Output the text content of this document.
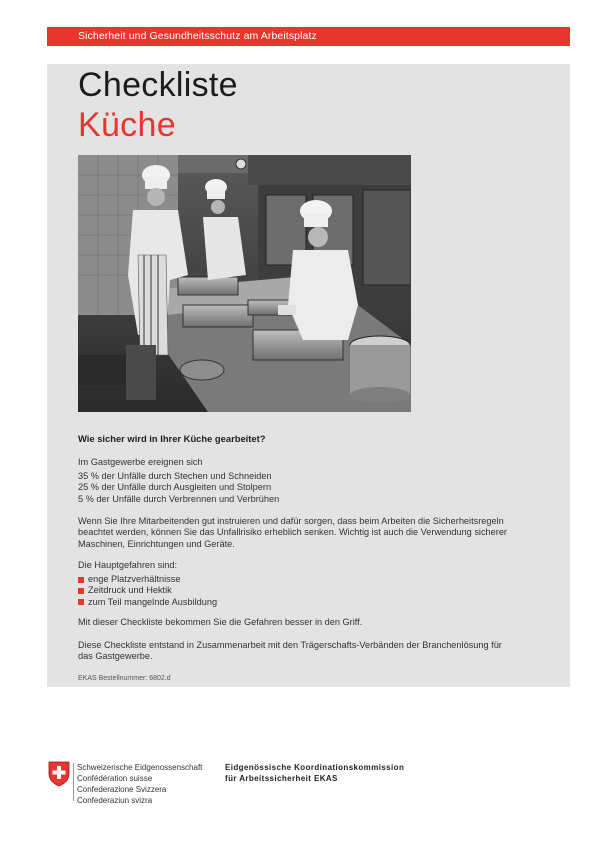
Sicherheit und Gesundheitsschutz am Arbeitsplatz
Checkliste
Küche
Wie sicher wird in Ihrer Küche gearbeitet?
Im Gastgewerbe ereignen sich
35 % der Unfälle durch Stechen und Schneiden
25 % der Unfälle durch Ausgleiten und Stolpern
5 % der Unfälle durch Verbrennen und Verbrühen
Wenn Sie Ihre Mitarbeitenden gut instruieren und dafür sorgen, dass beim Arbeiten die Sicherheitsregeln
beachtet werden, können Sie das Unfallrisiko erheblich senken. Wichtig ist auch die Verwendung sicherer
Maschinen, Einrichtungen und Geräte.
Die Hauptgefahren sind:
enge Platzverhältnisse
Zeitdruck und Hektik
zum Teil mangelnde Ausbildung
Mit dieser Checkliste bekommen Sie die Gefahren besser in den Griff.
Diese Checkliste entstand in Zusammenarbeit mit den Trägerschafts-Verbänden der Branchenlösung für
das Gastgewerbe.
EKAS Bestellnummer: 6802.d
Schweizerische Eidgenossenschaft
Confédération suisse
Confederazione Svizzera
Confederaziun svizra
Eidgenössische Koordinationskommission
für Arbeitssicherheit EKAS
